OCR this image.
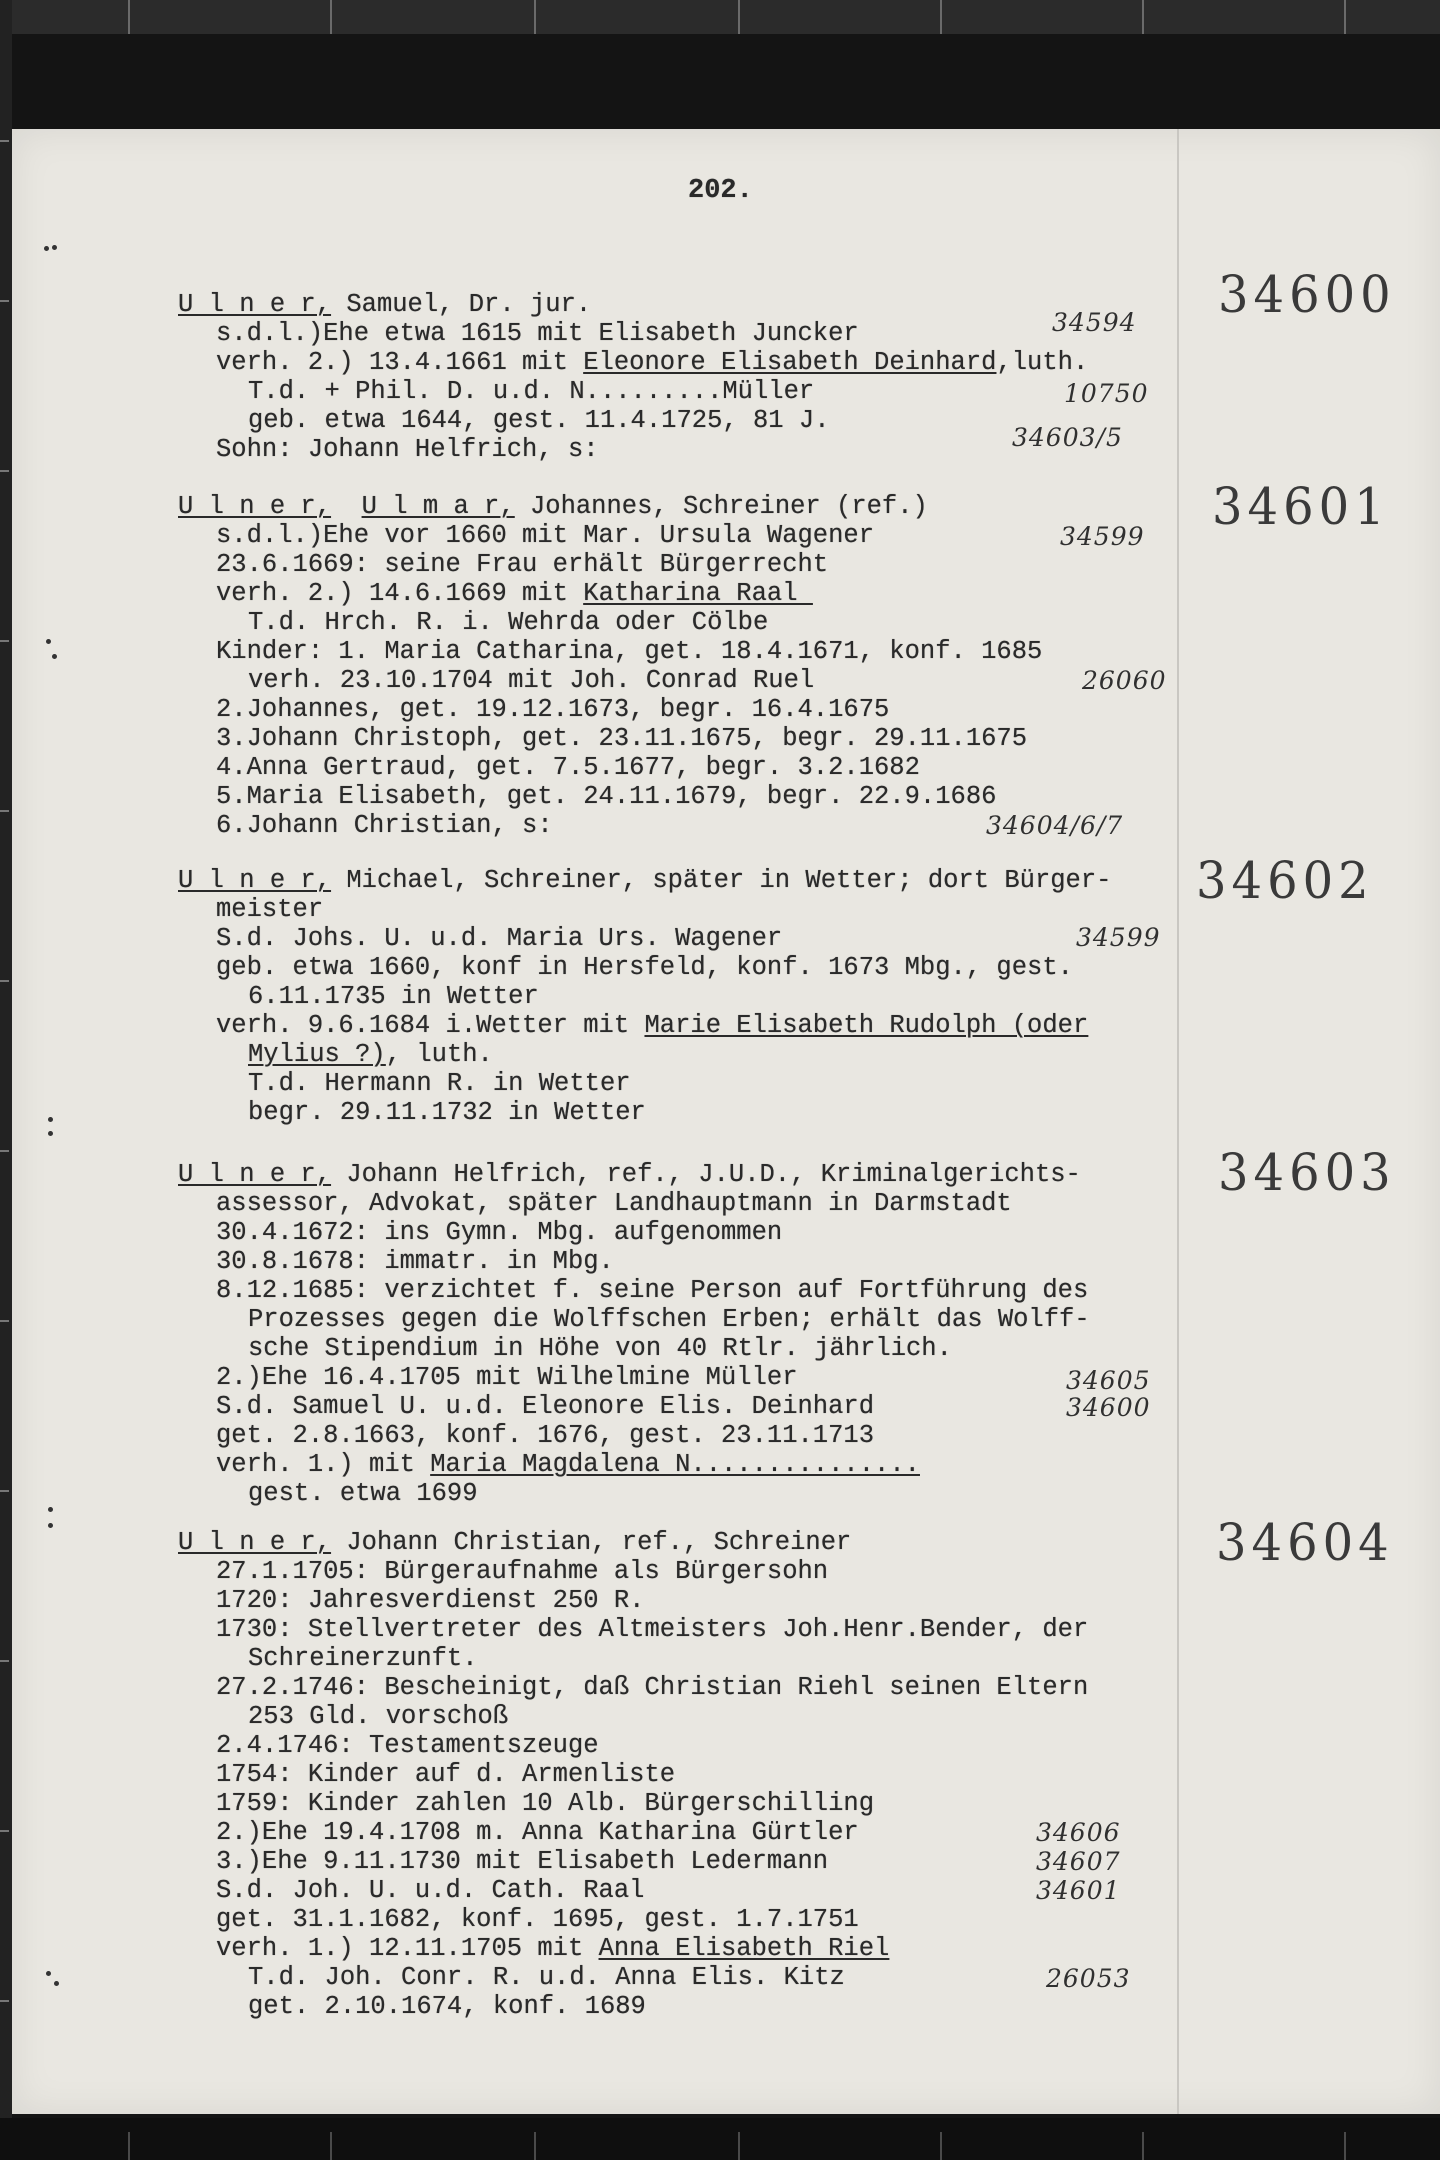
202.
34600
U l n e r, Samuel, Dr. jur.
s.d.l.)Ehe etwa 1615 mit Elisabeth Juncker
verh. 2.) 13.4.1661 mit Eleonore Elisabeth Deinhard,luth.
T.d. + Phil. D. u.d. N.........Müller
geb. etwa 1644, gest. 11.4.1725, 81 J.
Sohn: Johann Helfrich, s:
34594
10750
34603/5
34601
U l n e r, U l m a r, Johannes, Schreiner (ref.)
s.d.l.)Ehe vor 1660 mit Mar. Ursula Wagener
23.6.1669: seine Frau erhält Bürgerrecht
verh. 2.) 14.6.1669 mit Katharina Raal
T.d. Hrch. R. i. Wehrda oder Cölbe
Kinder: 1. Maria Catharina, get. 18.4.1671, konf. 1685
verh. 23.10.1704 mit Joh. Conrad Ruel
2.Johannes, get. 19.12.1673, begr. 16.4.1675
3.Johann Christoph, get. 23.11.1675, begr. 29.11.1675
4.Anna Gertraud, get. 7.5.1677, begr. 3.2.1682
5.Maria Elisabeth, get. 24.11.1679, begr. 22.9.1686
6.Johann Christian, s:
34599
26060
34604/6/7
34602
U l n e r, Michael, Schreiner, später in Wetter; dort Bürger-
meister
S.d. Johs. U. u.d. Maria Urs. Wagener
geb. etwa 1660, konf in Hersfeld, konf. 1673 Mbg., gest.
6.11.1735 in Wetter
verh. 9.6.1684 i.Wetter mit Marie Elisabeth Rudolph (oder
Mylius ?), luth.
T.d. Hermann R. in Wetter
begr. 29.11.1732 in Wetter
34599
34603
U l n e r, Johann Helfrich, ref., J.U.D., Kriminalgerichts-
assessor, Advokat, später Landhauptmann in Darmstadt
30.4.1672: ins Gymn. Mbg. aufgenommen
30.8.1678: immatr. in Mbg.
8.12.1685: verzichtet f. seine Person auf Fortführung des
Prozesses gegen die Wolffschen Erben; erhält das Wolff-
sche Stipendium in Höhe von 40 Rtlr. jährlich.
2.)Ehe 16.4.1705 mit Wilhelmine Müller
S.d. Samuel U. u.d. Eleonore Elis. Deinhard
get. 2.8.1663, konf. 1676, gest. 23.11.1713
verh. 1.) mit Maria Magdalena N...............
gest. etwa 1699
34605
34600
34604
U l n e r, Johann Christian, ref., Schreiner
27.1.1705: Bürgeraufnahme als Bürgersohn
1720: Jahresverdienst 250 R.
1730: Stellvertreter des Altmeisters Joh.Henr.Bender, der
Schreinerzunft.
27.2.1746: Bescheinigt, daß Christian Riehl seinen Eltern
253 Gld. vorschoß
2.4.1746: Testamentszeuge
1754: Kinder auf d. Armenliste
1759: Kinder zahlen 10 Alb. Bürgerschilling
2.)Ehe 19.4.1708 m. Anna Katharina Gürtler
3.)Ehe 9.11.1730 mit Elisabeth Ledermann
S.d. Joh. U. u.d. Cath. Raal
get. 31.1.1682, konf. 1695, gest. 1.7.1751
verh. 1.) 12.11.1705 mit Anna Elisabeth Riel
T.d. Joh. Conr. R. u.d. Anna Elis. Kitz
get. 2.10.1674, konf. 1689
34606
34607
34601
26053
